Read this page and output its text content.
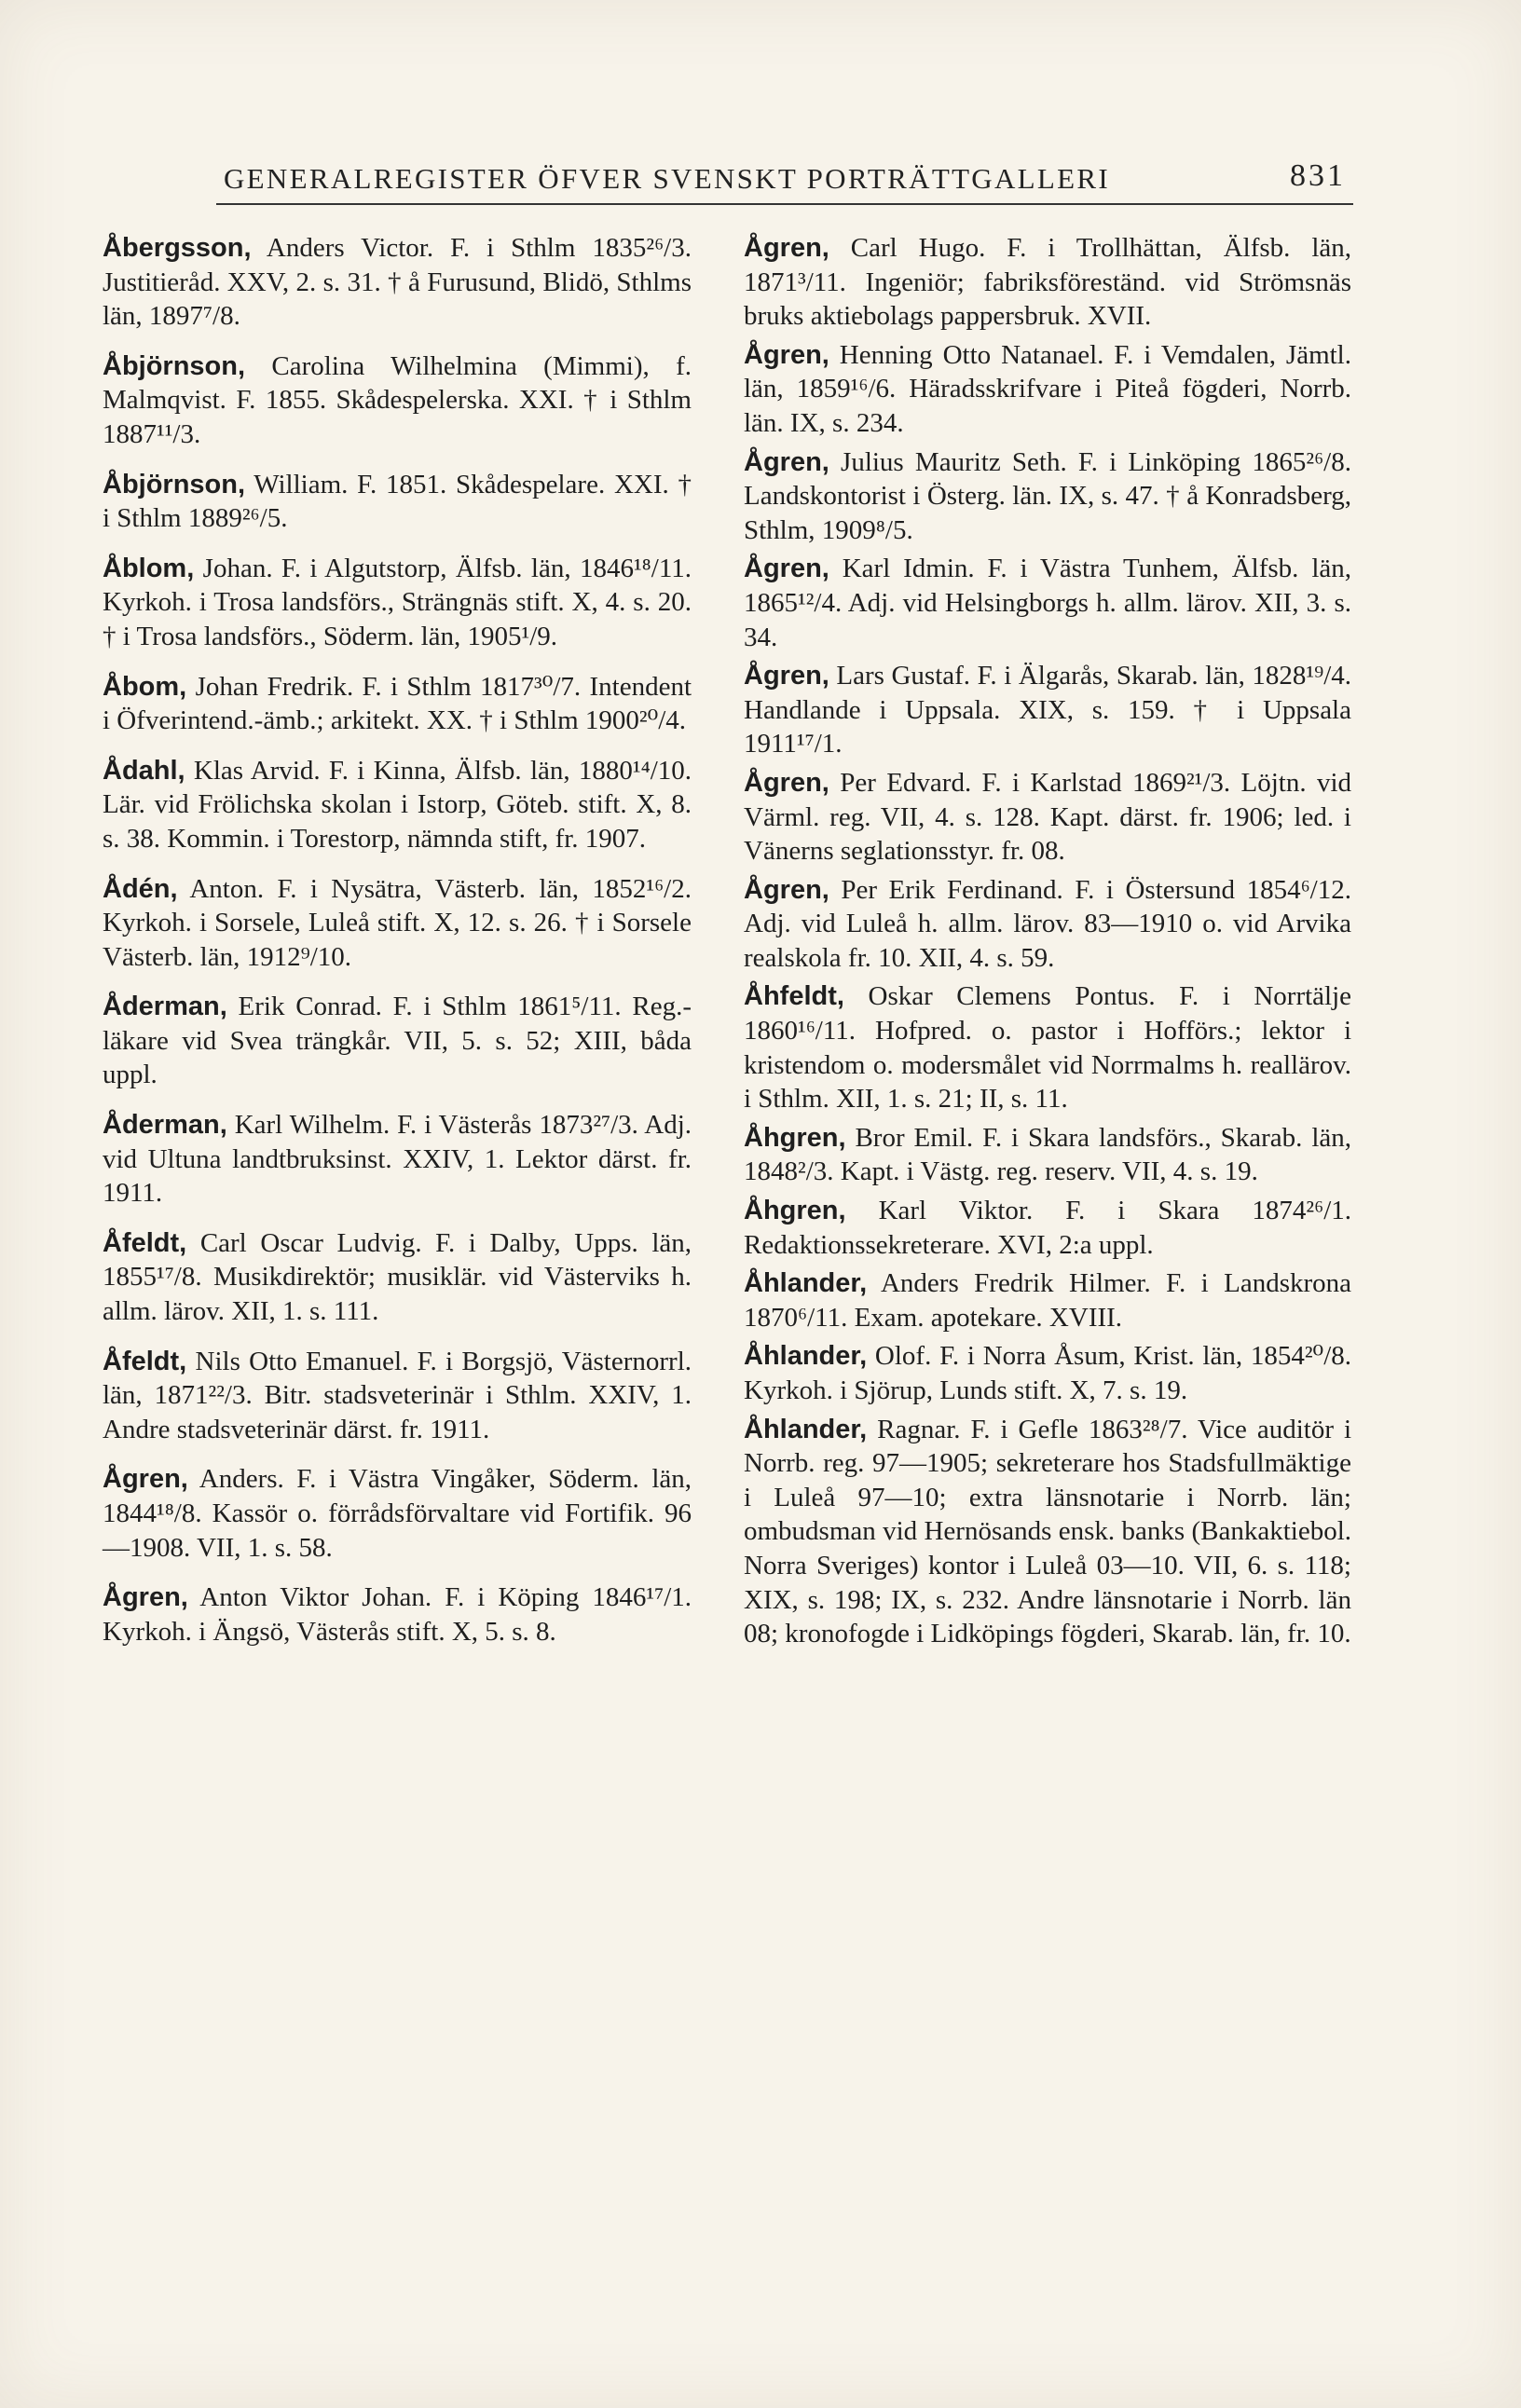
GENERALREGISTER ÖFVER SVENSKT PORTRÄTTGALLERI	831

Åbergsson, Anders Victor. F. i Sthlm 1835²⁶/3. Justitieråd. XXV, 2. s. 31. † å Furusund, Blidö, Sthlms län, 1897⁷/8.

Åbjörnson, Carolina Wilhelmina (Mimmi), f. Malmqvist. F. 1855. Skådespelerska. XXI. † i Sthlm 1887¹¹/3.

Åbjörnson, William. F. 1851. Skådespelare. XXI. † i Sthlm 1889²⁶/5.

Åblom, Johan. F. i Algutstorp, Älfsb. län, 1846¹⁸/11. Kyrkoh. i Trosa landsförs., Strängnäs stift. X, 4. s. 20. † i Trosa landsförs., Söderm. län, 1905¹/9.

Åbom, Johan Fredrik. F. i Sthlm 1817³⁰/7. Intendent i Öfverintend.-ämb.; arkitekt. XX. † i Sthlm 1900²⁰/4.

Ådahl, Klas Arvid. F. i Kinna, Älfsb. län, 1880¹⁴/10. Lär. vid Frölichska skolan i Istorp, Göteb. stift. X, 8. s. 38. Kommin. i Torestorp, nämnda stift, fr. 1907.

Ådén, Anton. F. i Nysätra, Västerb. län, 1852¹⁶/2. Kyrkoh. i Sorsele, Luleå stift. X, 12. s. 26. † i Sorsele Västerb. län, 1912⁹/10.

Åderman, Erik Conrad. F. i Sthlm 1861⁵/11. Reg.-läkare vid Svea trängkår. VII, 5. s. 52; XIII, båda uppl.

Åderman, Karl Wilhelm. F. i Västerås 1873²⁷/3. Adj. vid Ultuna landtbruksinst. XXIV, 1. Lektor därst. fr. 1911.

Åfeldt, Carl Oscar Ludvig. F. i Dalby, Upps. län, 1855¹⁷/8. Musikdirektör; musiklär. vid Västerviks h. allm. lärov. XII, 1. s. 111.

Åfeldt, Nils Otto Emanuel. F. i Borgsjö, Västernorrl. län, 1871²²/3. Bitr. stadsveterinär i Sthlm. XXIV, 1. Andre stadsveterinär därst. fr. 1911.

Ågren, Anders. F. i Västra Vingåker, Söderm. län, 1844¹⁸/8. Kassör o. förrådsförvaltare vid Fortifik. 96—1908. VII, 1. s. 58.

Ågren, Anton Viktor Johan. F. i Köping 1846¹⁷/1. Kyrkoh. i Ängsö, Västerås stift. X, 5. s. 8.

Ågren, Carl Hugo. F. i Trollhättan, Älfsb. län, 1871³/11. Ingeniör; fabriksföreständ. vid Strömsnäs bruks aktiebolags pappersbruk. XVII.

Ågren, Henning Otto Natanael. F. i Vemdalen, Jämtl. län, 1859¹⁶/6. Häradsskrifvare i Piteå fögderi, Norrb. län. IX, s. 234.

Ågren, Julius Mauritz Seth. F. i Linköping 1865²⁶/8. Landskontorist i Österg. län. IX, s. 47. † å Konradsberg, Sthlm, 1909⁸/5.

Ågren, Karl Idmin. F. i Västra Tunhem, Älfsb. län, 1865¹²/4. Adj. vid Helsingborgs h. allm. lärov. XII, 3. s. 34.

Ågren, Lars Gustaf. F. i Älgarås, Skarab. län, 1828¹⁹/4. Handlande i Uppsala. XIX, s. 159. † i Uppsala 1911¹⁷/1.

Ågren, Per Edvard. F. i Karlstad 1869²¹/3. Löjtn. vid Värml. reg. VII, 4. s. 128. Kapt. därst. fr. 1906; led. i Vänerns seglationsstyr. fr. 08.

Ågren, Per Erik Ferdinand. F. i Östersund 1854⁶/12. Adj. vid Luleå h. allm. lärov. 83—1910 o. vid Arvika realskola fr. 10. XII, 4. s. 59.

Åhfeldt, Oskar Clemens Pontus. F. i Norrtälje 1860¹⁶/11. Hofpred. o. pastor i Hofförs.; lektor i kristendom o. modersmålet vid Norrmalms h. reallärov. i Sthlm. XII, 1. s. 21; II, s. 11.

Åhgren, Bror Emil. F. i Skara landsförs., Skarab. län, 1848²/3. Kapt. i Västg. reg. reserv. VII, 4. s. 19.

Åhgren, Karl Viktor. F. i Skara 1874²⁶/1. Redaktionssekreterare. XVI, 2:a uppl.

Åhlander, Anders Fredrik Hilmer. F. i Landskrona 1870⁶/11. Exam. apotekare. XVIII.

Åhlander, Olof. F. i Norra Åsum, Krist. län, 1854²⁰/8. Kyrkoh. i Sjörup, Lunds stift. X, 7. s. 19.

Åhlander, Ragnar. F. i Gefle 1863²⁸/7. Vice auditör i Norrb. reg. 97—1905; sekreterare hos Stadsfullmäktige i Luleå 97—10; extra länsnotarie i Norrb. län; ombudsman vid Hernösands ensk. banks (Bankaktiebol. Norra Sveriges) kontor i Luleå 03—10. VII, 6. s. 118; XIX, s. 198; IX, s. 232. Andre länsnotarie i Norrb. län 08; kronofogde i Lidköpings fögderi, Skarab. län, fr. 10.
